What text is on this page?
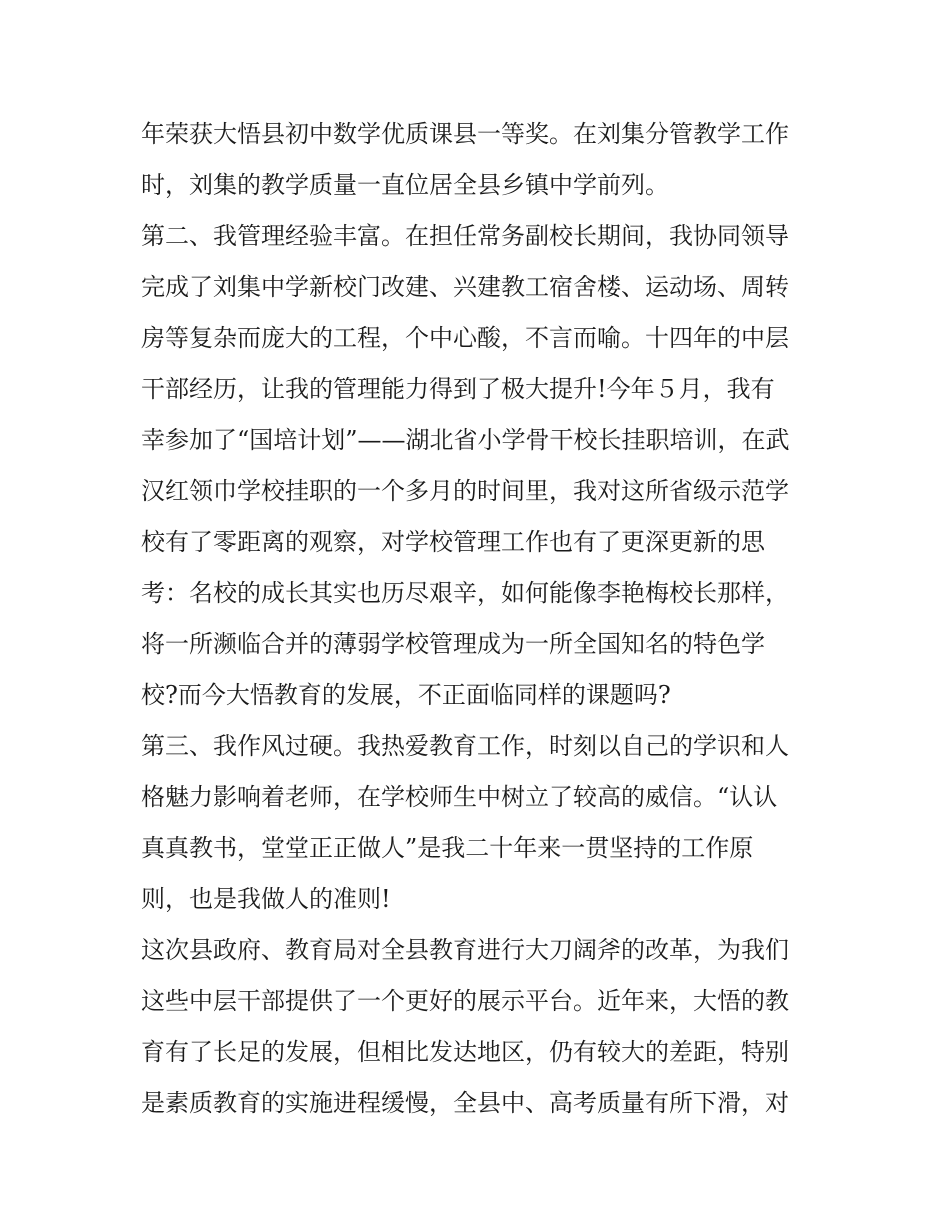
年荣获大悟县初中数学优质课县一等奖。在刘集分管教学工作
时，刘集的教学质量一直位居全县乡镇中学前列。
第二、我管理经验丰富。在担任常务副校长期间，我协同领导
完成了刘集中学新校门改建、兴建教工宿舍楼、运动场、周转
房等复杂而庞大的工程，个中心酸，不言而喻。十四年的中层
干部经历，让我的管理能力得到了极大提升!今年５月，我有
幸参加了“国培计划”——湖北省小学骨干校长挂职培训，在武
汉红领巾学校挂职的一个多月的时间里，我对这所省级示范学
校有了零距离的观察，对学校管理工作也有了更深更新的思
考：名校的成长其实也历尽艰辛，如何能像李艳梅校长那样，
将一所濒临合并的薄弱学校管理成为一所全国知名的特色学
校?而今大悟教育的发展，不正面临同样的课题吗?
第三、我作风过硬。我热爱教育工作，时刻以自己的学识和人
格魅力影响着老师，在学校师生中树立了较高的威信。“认认
真真教书，堂堂正正做人”是我二十年来一贯坚持的工作原
则，也是我做人的准则!
这次县政府、教育局对全县教育进行大刀阔斧的改革，为我们
这些中层干部提供了一个更好的展示平台。近年来，大悟的教
育有了长足的发展，但相比发达地区，仍有较大的差距，特别
是素质教育的实施进程缓慢，全县中、高考质量有所下滑，对
